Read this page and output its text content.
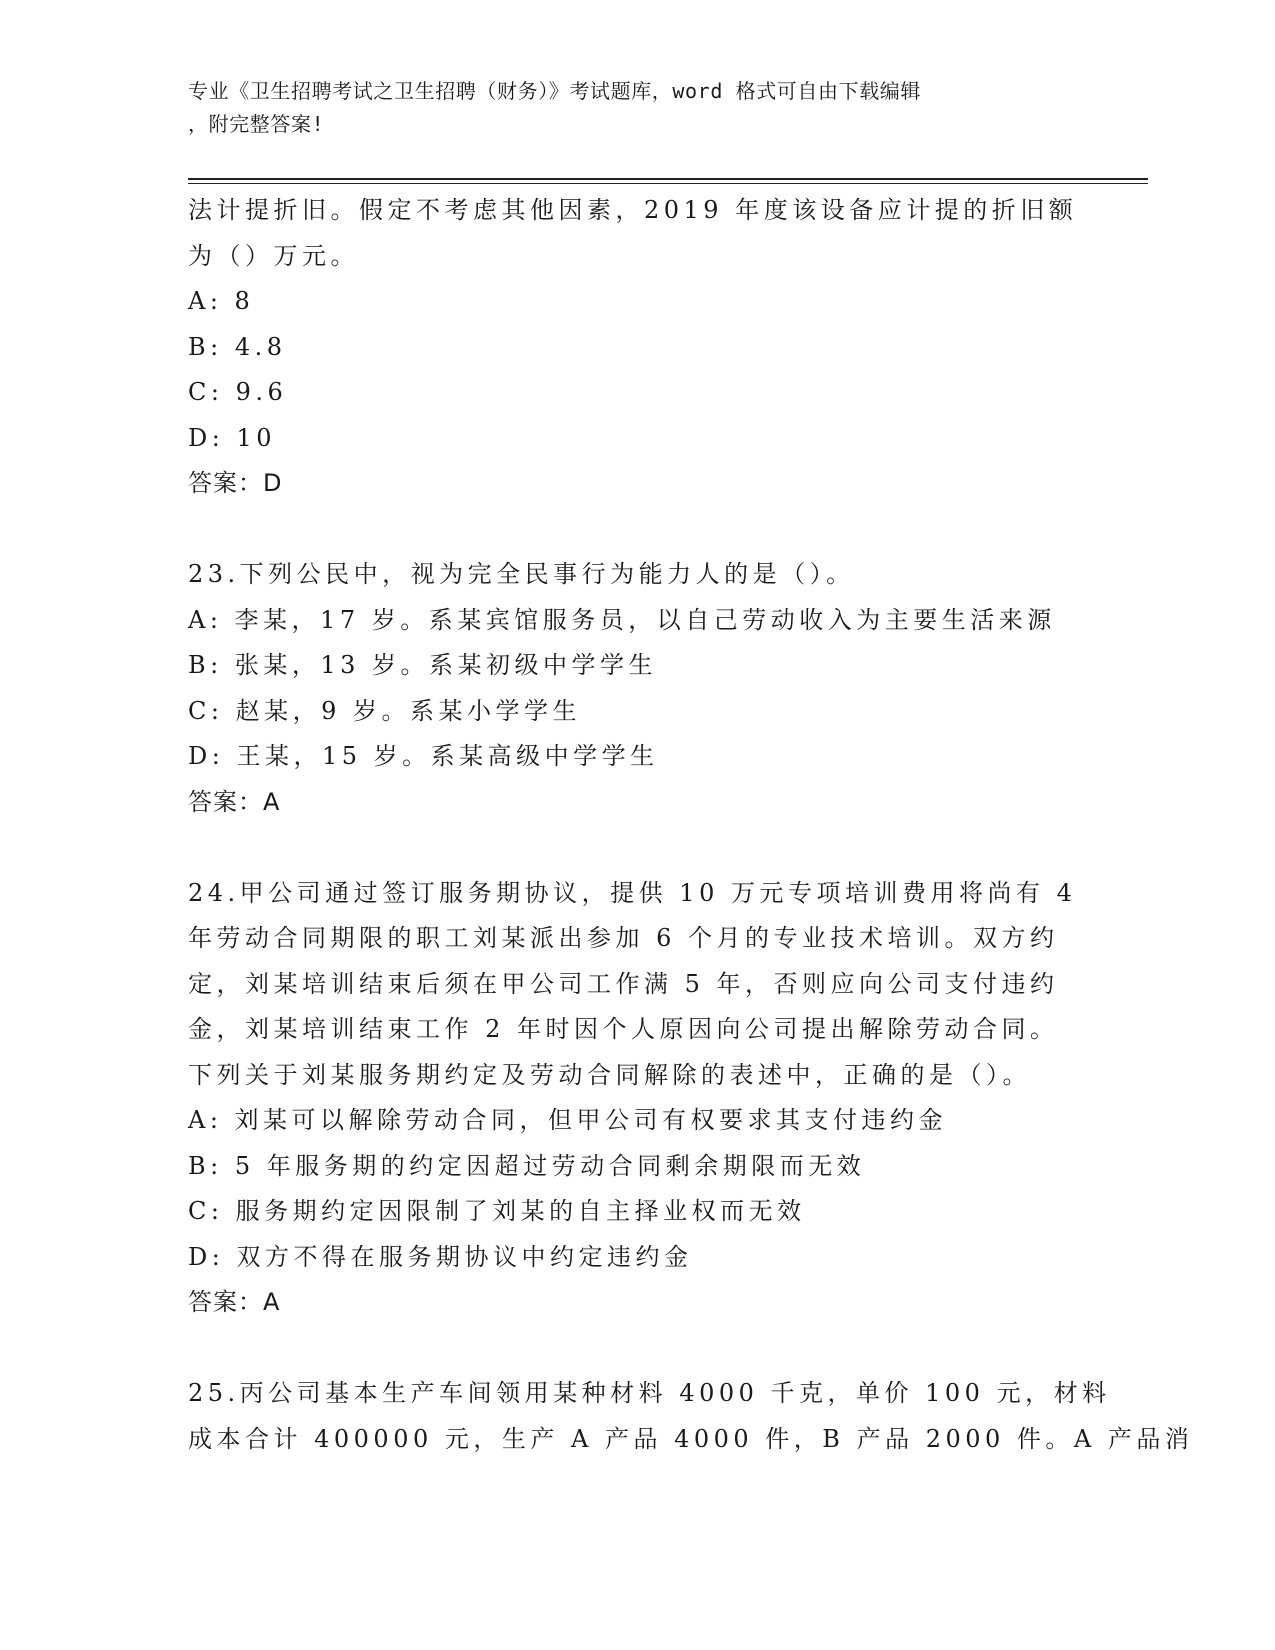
专业《卫生招聘考试之卫生招聘（财务）》考试题库，word 格式可自由下载编辑
，附完整答案!
法计提折旧。假定不考虑其他因素，2019 年度该设备应计提的折旧额
为（）万元。
A: 8
B: 4.8
C: 9.6
D: 10
答案：D
23.下列公民中，视为完全民事行为能力人的是（）。
A: 李某，17 岁。系某宾馆服务员，以自己劳动收入为主要生活来源
B: 张某，13 岁。系某初级中学学生
C: 赵某，9 岁。系某小学学生
D: 王某，15 岁。系某高级中学学生
答案：A
24.甲公司通过签订服务期协议，提供 10 万元专项培训费用将尚有 4
年劳动合同期限的职工刘某派出参加 6 个月的专业技术培训。双方约
定，刘某培训结束后须在甲公司工作满 5 年，否则应向公司支付违约
金，刘某培训结束工作 2 年时因个人原因向公司提出解除劳动合同。
下列关于刘某服务期约定及劳动合同解除的表述中，正确的是（）。
A: 刘某可以解除劳动合同，但甲公司有权要求其支付违约金
B: 5 年服务期的约定因超过劳动合同剩余期限而无效
C: 服务期约定因限制了刘某的自主择业权而无效
D: 双方不得在服务期协议中约定违约金
答案：A
25.丙公司基本生产车间领用某种材料 4000 千克，单价 100 元，材料
成本合计 400000 元，生产 A 产品 4000 件，B 产品 2000 件。A 产品消
